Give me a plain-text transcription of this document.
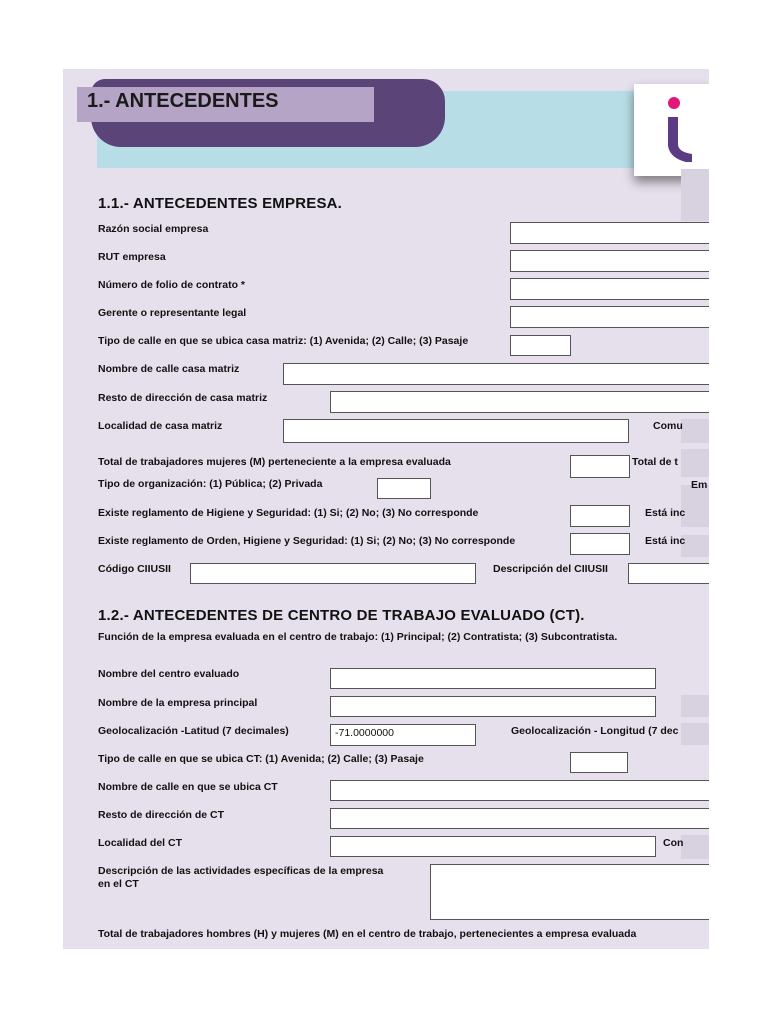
1.- ANTECEDENTES
1.1.- ANTECEDENTES EMPRESA.
Razón social empresa
RUT empresa
Número de folio de contrato *
Gerente o representante legal
Tipo de calle en que se ubica casa matriz: (1) Avenida; (2) Calle; (3) Pasaje
Nombre de calle casa matriz
Resto de dirección de casa matriz
Localidad de casa matriz	Comu
Total de trabajadores mujeres (M) perteneciente a la empresa evaluada	Total de t
Tipo de organización: (1) Pública; (2) Privada	Em
Existe reglamento de Higiene y Seguridad: (1) Si; (2) No; (3) No corresponde	Está inc
Existe reglamento de Orden, Higiene y Seguridad: (1) Si; (2) No; (3) No corresponde	Está inc
Código CIIUSII	Descripción del CIIUSII
1.2.- ANTECEDENTES DE CENTRO DE TRABAJO EVALUADO (CT).
Función de la empresa evaluada en el centro de trabajo: (1) Principal; (2) Contratista; (3) Subcontratista.
Nombre del centro evaluado
Nombre de la empresa principal
Geolocalización -Latitud (7 decimales)	-71.0000000	Geolocalización - Longitud (7 dec
Tipo de calle en que se ubica CT: (1) Avenida; (2) Calle; (3) Pasaje
Nombre de calle en que se ubica CT
Resto de dirección de CT
Localidad del CT	Con
Descripción de las actividades específicas de la empresa en el CT
Total de trabajadores hombres (H) y mujeres (M) en el centro de trabajo, pertenecientes a empresa evaluada
